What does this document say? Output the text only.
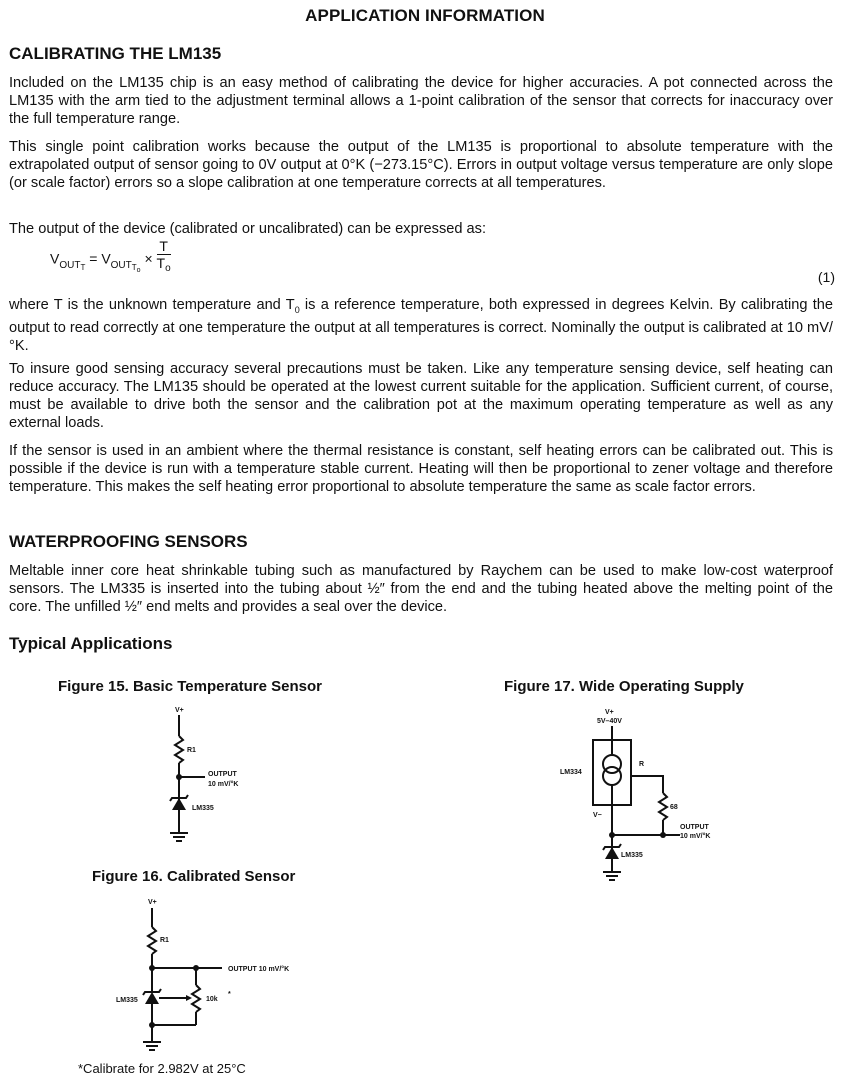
APPLICATION INFORMATION
CALIBRATING THE LM135
Included on the LM135 chip is an easy method of calibrating the device for higher accuracies. A pot connected across the LM135 with the arm tied to the adjustment terminal allows a 1-point calibration of the sensor that corrects for inaccuracy over the full temperature range.
This single point calibration works because the output of the LM135 is proportional to absolute temperature with the extrapolated output of sensor going to 0V output at 0°K (−273.15°C). Errors in output voltage versus temperature are only slope (or scale factor) errors so a slope calibration at one temperature corrects at all temperatures.
The output of the device (calibrated or uncalibrated) can be expressed as:
$V_{OUT_T} = V_{OUT_{To}} \times \frac{T}{T_o}$
(1)
where T is the unknown temperature and $T_0$ is a reference temperature, both expressed in degrees Kelvin. By calibrating the output to read correctly at one temperature the output at all temperatures is correct. Nominally the output is calibrated at 10 mV/°K.
To insure good sensing accuracy several precautions must be taken. Like any temperature sensing device, self heating can reduce accuracy. The LM135 should be operated at the lowest current suitable for the application. Sufficient current, of course, must be available to drive both the sensor and the calibration pot at the maximum operating temperature as well as any external loads.
If the sensor is used in an ambient where the thermal resistance is constant, self heating errors can be calibrated out. This is possible if the device is run with a temperature stable current. Heating will then be proportional to zener voltage and therefore temperature. This makes the self heating error proportional to absolute temperature the same as scale factor errors.
WATERPROOFING SENSORS
Meltable inner core heat shrinkable tubing such as manufactured by Raychem can be used to make low-cost waterproof sensors. The LM335 is inserted into the tubing about ½″ from the end and the tubing heated above the melting point of the core. The unfilled ½″ end melts and provides a seal over the device.
Typical Applications
Figure 15. Basic Temperature Sensor	Figure 17. Wide Operating Supply
Figure 16. Calibrated Sensor
V+
R1
OUTPUT
10 mV/°K
LM335
V+
5V–40V
LM334
R
68
V−
OUTPUT
10 mV/°K
LM335
V+
R1
OUTPUT 10 mV/°K
10k
*
LM335
*Calibrate for 2.982V at 25°C
